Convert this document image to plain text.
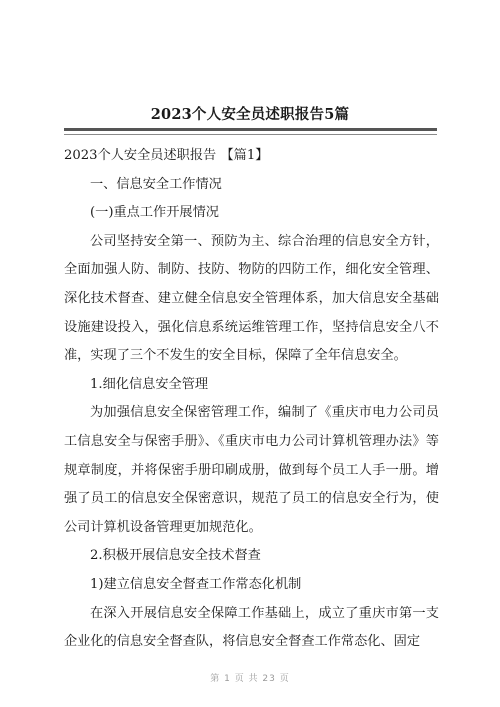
2023个人安全员述职报告5篇

2023个人安全员述职报告 【篇1】

一、信息安全工作情况

(一)重点工作开展情况

公司坚持安全第一、预防为主、综合治理的信息安全方针，全面加强人防、制防、技防、物防的四防工作，细化安全管理、深化技术督查、建立健全信息安全管理体系，加大信息安全基础设施建设投入，强化信息系统运维管理工作，坚持信息安全八不准，实现了三个不发生的安全目标，保障了全年信息安全。

1.细化信息安全管理

为加强信息安全保密管理工作，编制了《重庆市电力公司员工信息安全与保密手册》、《重庆市电力公司计算机管理办法》等规章制度，并将保密手册印刷成册，做到每个员工人手一册。增强了员工的信息安全保密意识，规范了员工的信息安全行为，使公司计算机设备管理更加规范化。

2.积极开展信息安全技术督查

1)建立信息安全督查工作常态化机制

在深入开展信息安全保障工作基础上，成立了重庆市第一支企业化的信息安全督查队，将信息安全督查工作常态化、固定

第 1 页 共 23 页
